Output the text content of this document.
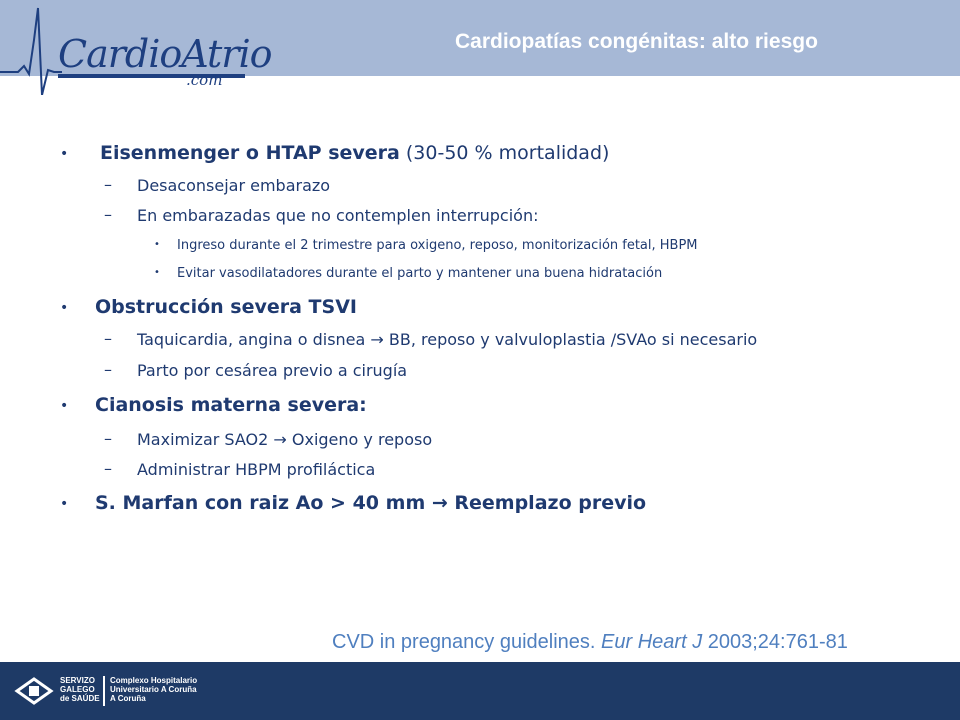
CardioAtrio
.com
Cardiopatías congénitas: alto riesgo
• Eisenmenger o HTAP severa (30-50 % mortalidad)
– Desaconsejar embarazo
– En embarazadas que no contemplen interrupción:
• Ingreso durante el 2 trimestre para oxigeno, reposo, monitorización fetal, HBPM
• Evitar vasodilatadores durante el parto y mantener una buena hidratación
• Obstrucción severa TSVI
– Taquicardia, angina o disnea → BB, reposo y valvuloplastia /SVAo si necesario
– Parto por cesárea previo a cirugía
• Cianosis materna severa:
– Maximizar SAO2 → Oxigeno y reposo
– Administrar HBPM profiláctica
• S. Marfan con raiz Ao > 40 mm → Reemplazo previo
CVD in pregnancy guidelines. Eur Heart J 2003;24:761-81
SERVIZO
GALEGO
de SAÚDE
Complexo Hospitalario
Universitario A Coruña
A Coruña
